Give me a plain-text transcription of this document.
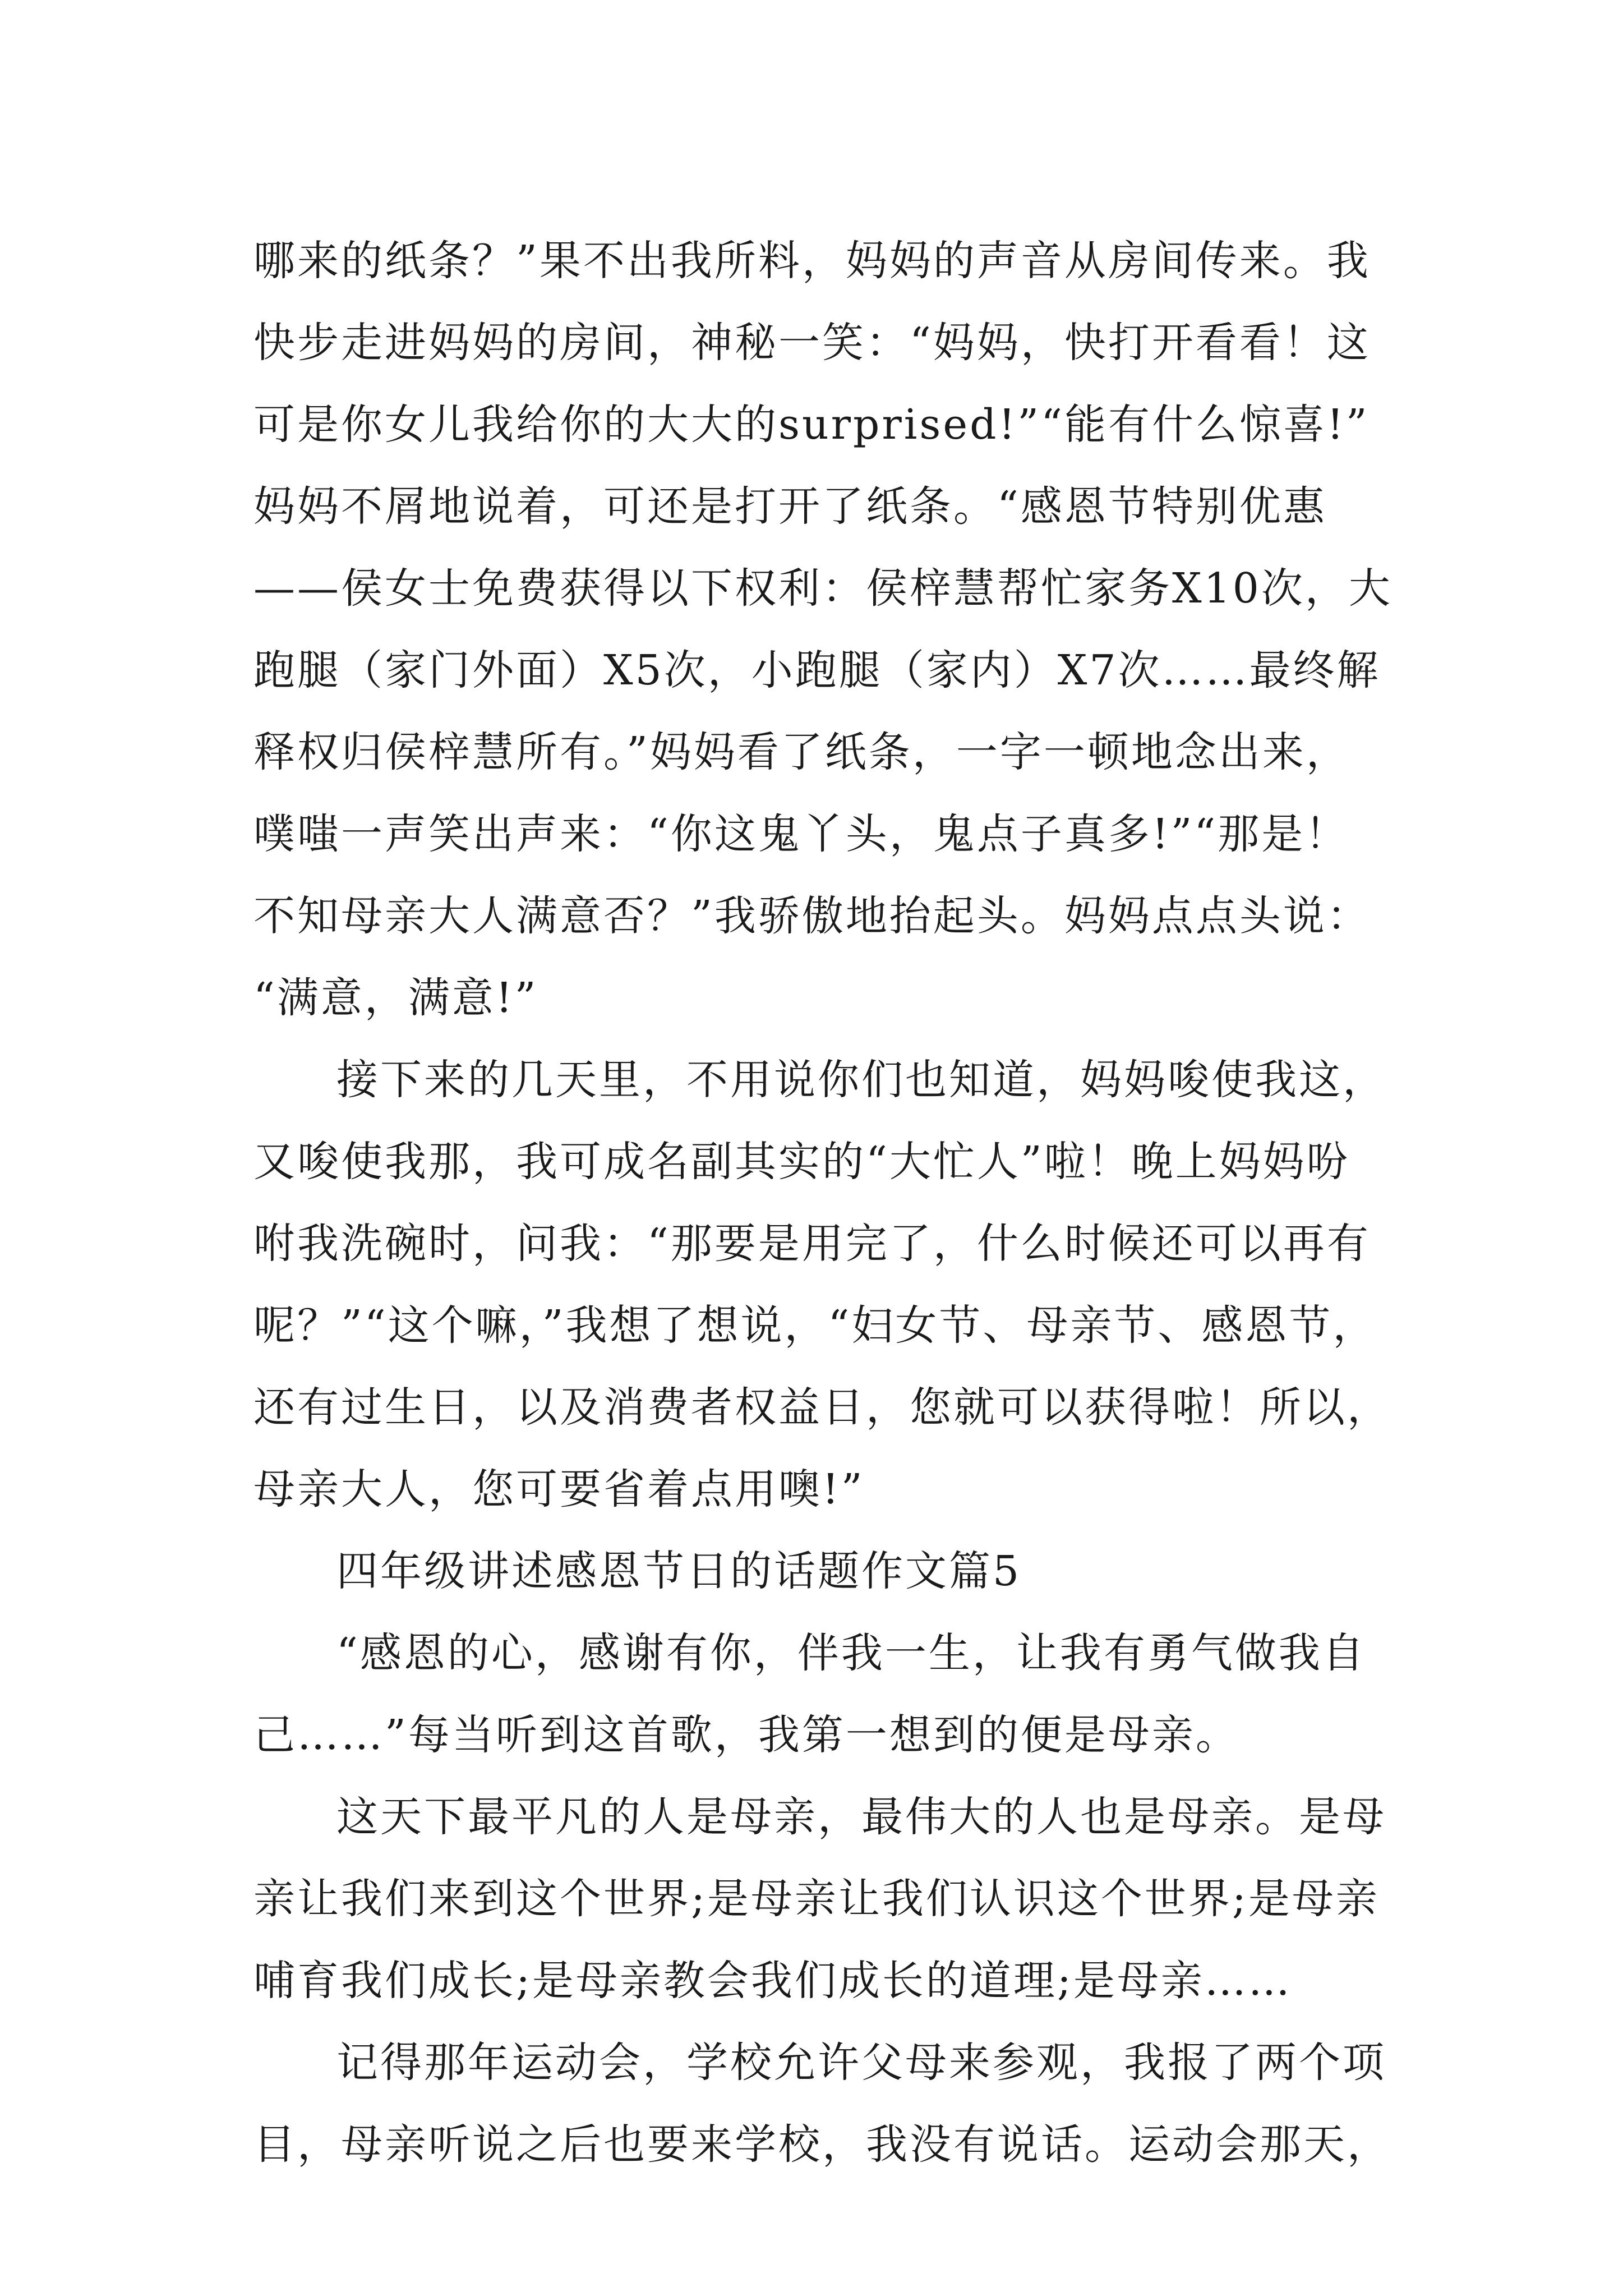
哪来的纸条？”果不出我所料，妈妈的声音从房间传来。我
快步走进妈妈的房间，神秘一笑：“妈妈，快打开看看！这
可是你女儿我给你的大大的surprised!”“能有什么惊喜!”
妈妈不屑地说着，可还是打开了纸条。“感恩节特别优惠
——侯女士免费获得以下权利：侯梓慧帮忙家务X10次，大
跑腿（家门外面）X5次，小跑腿（家内）X7次……最终解
释权归侯梓慧所有。”妈妈看了纸条，一字一顿地念出来，
噗嗤一声笑出声来：“你这鬼丫头，鬼点子真多!”“那是！
不知母亲大人满意否？”我骄傲地抬起头。妈妈点点头说：
“满意，满意!”
接下来的几天里，不用说你们也知道，妈妈唆使我这，
又唆使我那，我可成名副其实的“大忙人”啦！晚上妈妈吩
咐我洗碗时，问我：“那要是用完了，什么时候还可以再有
呢？”“这个嘛，”我想了想说，“妇女节、母亲节、感恩节，
还有过生日，以及消费者权益日，您就可以获得啦！所以，
母亲大人，您可要省着点用噢!”
四年级讲述感恩节日的话题作文篇5
“感恩的心，感谢有你，伴我一生，让我有勇气做我自
己……”每当听到这首歌，我第一想到的便是母亲。
这天下最平凡的人是母亲，最伟大的人也是母亲。是母
亲让我们来到这个世界;是母亲让我们认识这个世界;是母亲
哺育我们成长;是母亲教会我们成长的道理;是母亲……
记得那年运动会，学校允许父母来参观，我报了两个项
目，母亲听说之后也要来学校，我没有说话。运动会那天，
